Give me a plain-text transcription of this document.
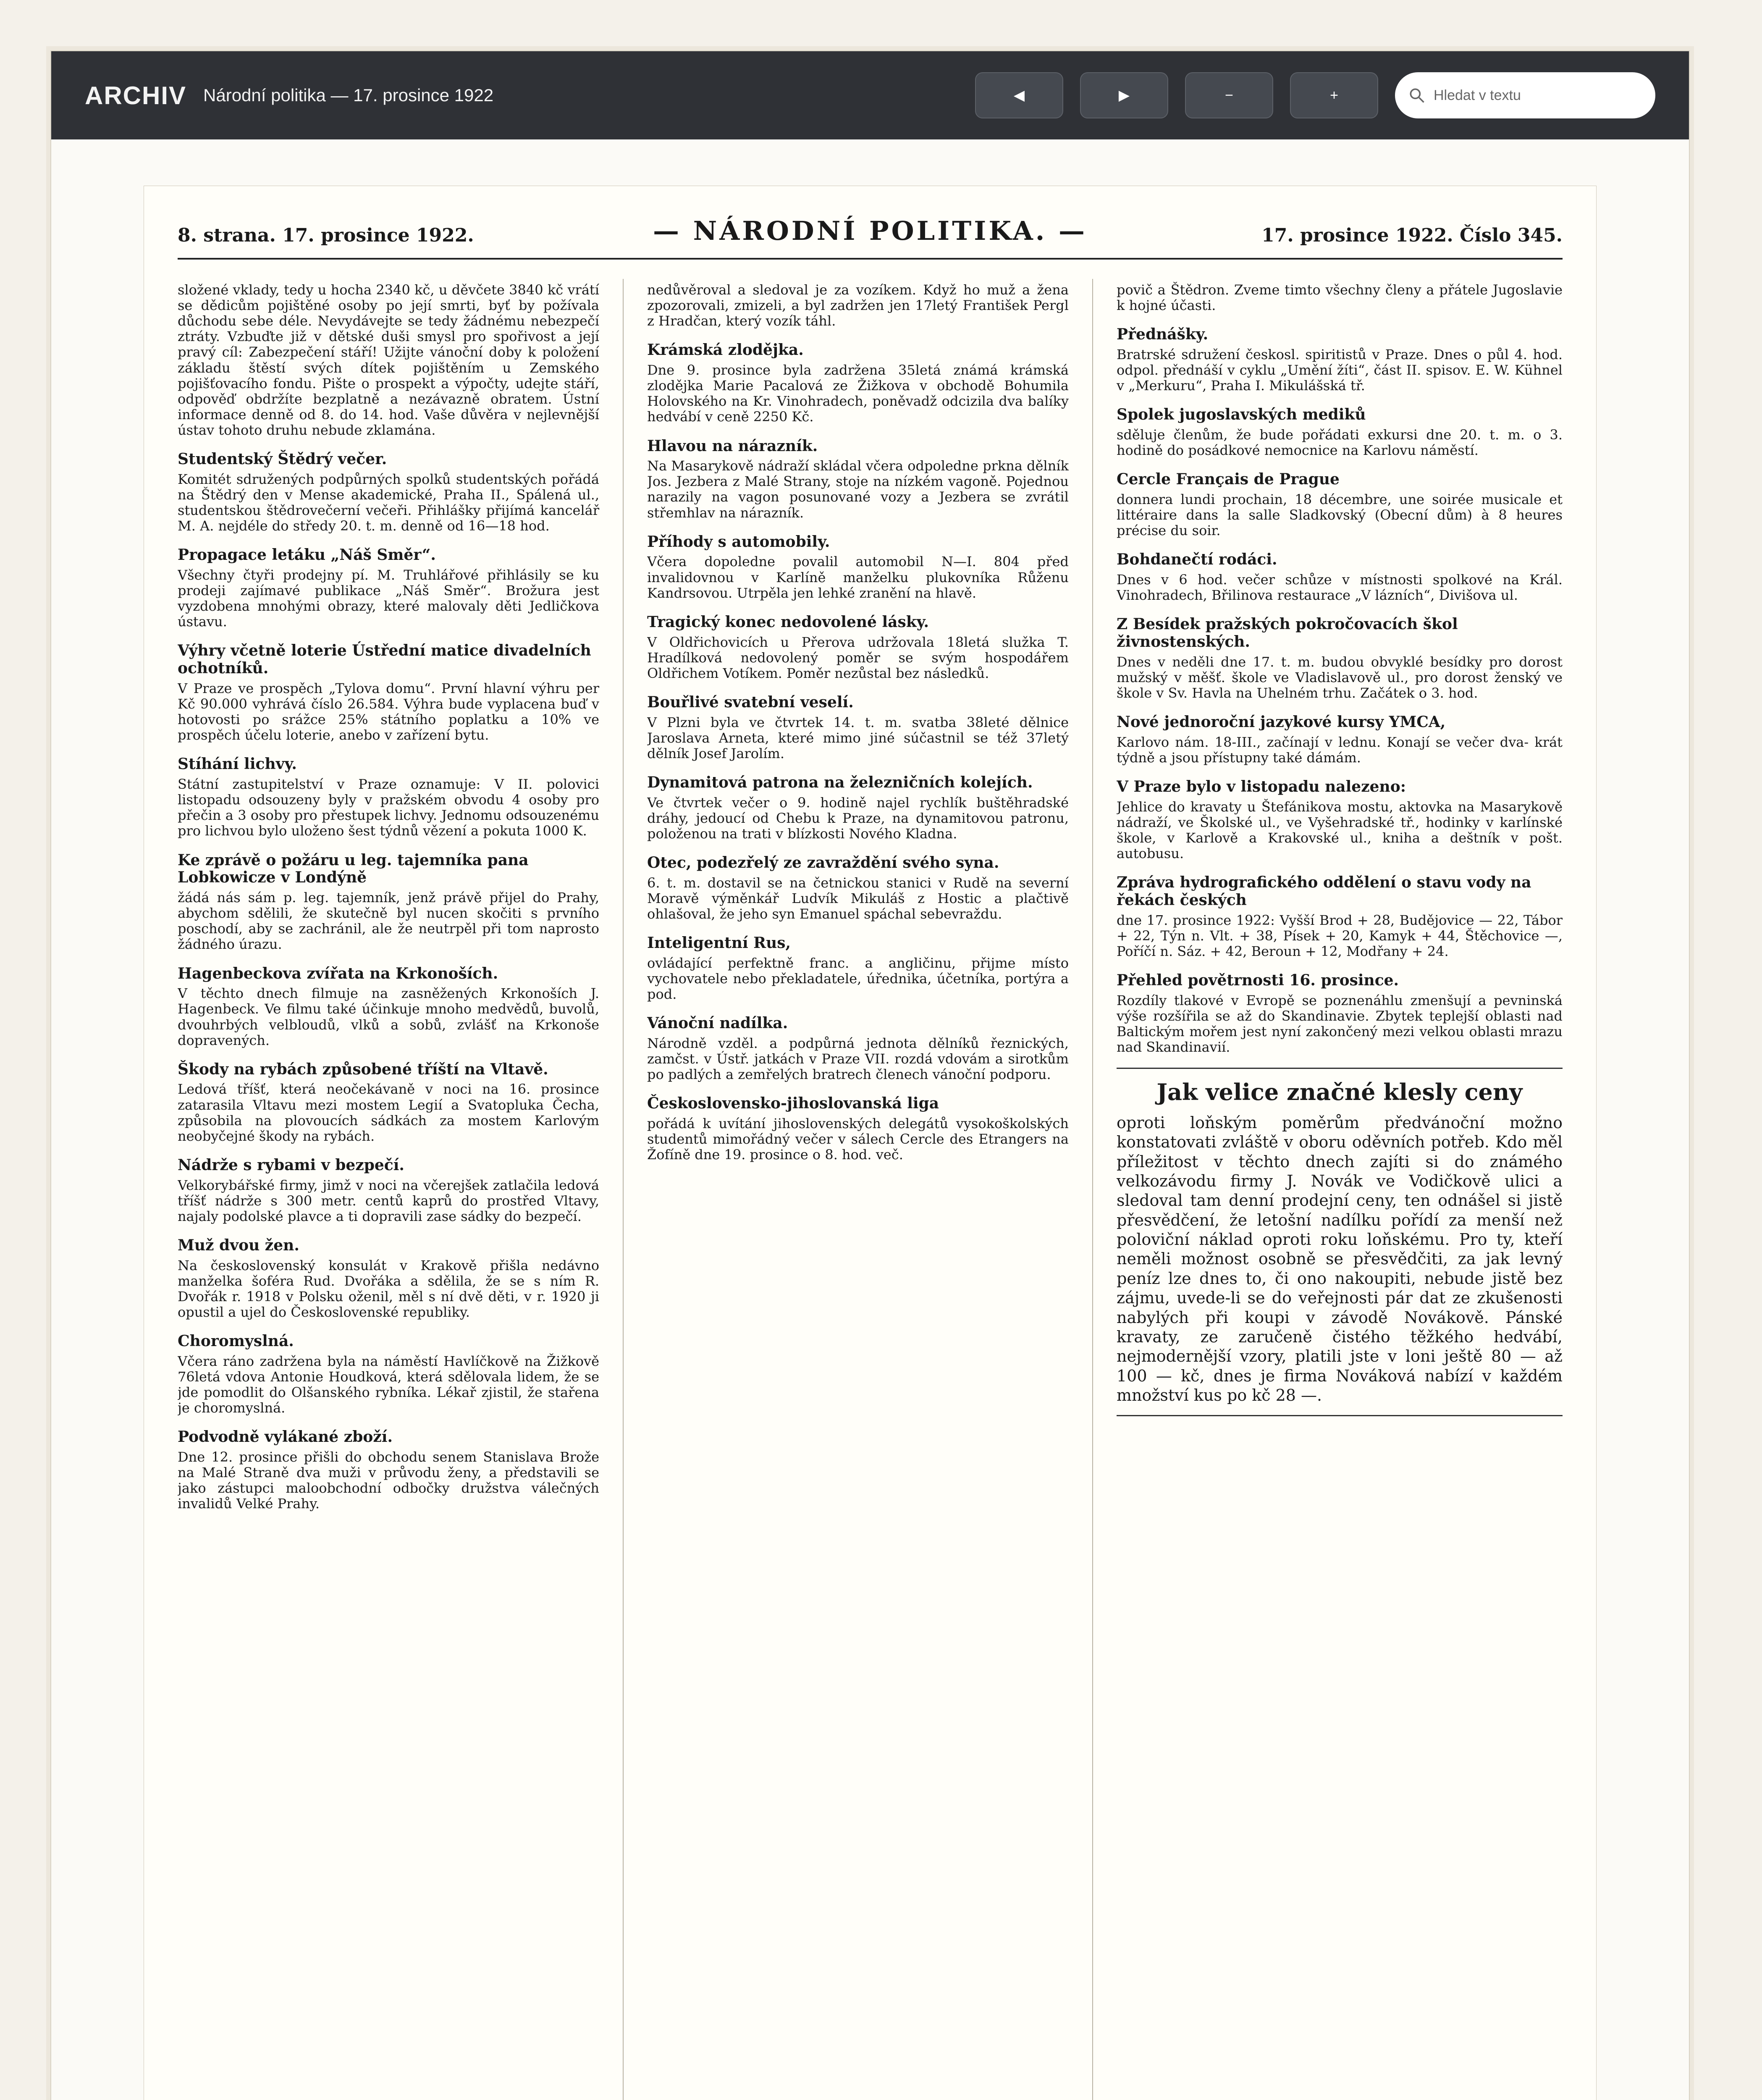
ARCHIV Národní politika — 17. prosince 1922	◀	▶	−	+	Hledat v textu
8. strana. 17. prosince 1922.	— NÁRODNÍ POLITIKA. —	17. prosince 1922. Číslo 345.
složené vklady, tedy u hocha 2340 kč, u děvčete 3840 kč vrátí se dědicům pojištěné osoby po její smrti, byť by požívala důchodu sebe déle. Nevydávejte se tedy žádnému nebezpečí ztráty. Vzbuďte již v dětské duši smysl pro spořivost a její pravý cíl: Zabezpečení stáří! Užijte vánoční doby k položení základu štěstí svých dítek pojištěním u Zemského pojišťovacího fondu. Pište o prospekt a výpočty, udejte stáří, odpověď obdržíte bezplatně a nezávazně obratem. Ústní informace denně od 8. do 14. hod. Vaše důvěra v nejlevnější ústav tohoto druhu nebude zklamána.
Studentský Štědrý večer.
Komitét sdružených podpůrných spolků studentských pořádá na Štědrý den v Mense akademické, Praha II., Spálená ul., studentskou štědrovečerní večeři. Přihlášky přijímá kancelář M. A. nejdéle do středy 20. t. m. denně od 16—18 hod.
Propagace letáku „Náš Směr“.
Všechny čtyři prodejny pí. M. Truhlářové přihlásily se ku prodeji zajímavé publikace „Náš Směr“. Brožura jest vyzdobena mnohými obrazy, které malovaly děti Jedličkova ústavu.
Výhry včetně loterie Ústřední matice divadelních ochotníků.
V Praze ve prospěch „Tylova domu“. První hlavní výhru per Kč 90.000 vyhrává číslo 26.584. Výhra bude vyplacena buď v hotovosti po srážce 25% státního poplatku a 10% ve prospěch účelu loterie, anebo v zařízení bytu.
Stíhání lichvy.
Státní zastupitelství v Praze oznamuje: V II. polovici listopadu odsouzeny byly v pražském obvodu 4 osoby pro přečin a 3 osoby pro přestupek lichvy. Jednomu odsouzenému pro lichvou bylo uloženo šest týdnů vězení a pokuta 1000 K.
Ke zprávě o požáru u leg. tajemníka pana Lobkowicze v Londýně
žádá nás sám p. leg. tajemník, jenž právě přijel do Prahy, abychom sdělili, že skutečně byl nucen skočiti s prvního poschodí, aby se zachránil, ale že neutrpěl při tom naprosto žádného úrazu.
Hagenbeckova zvířata na Krkonoších.
V těchto dnech filmuje na zasněžených Krkonoších J. Hagenbeck. Ve filmu také účinkuje mnoho medvědů, buvolů, dvouhrbých velbloudů, vlků a sobů, zvlášť na Krkonoše dopravených.
Škody na rybách způsobené tříští na Vltavě.
Ledová tříšť, která neočekávaně v noci na 16. prosince zatarasila Vltavu mezi mostem Legií a Svatopluka Čecha, způsobila na plovoucích sádkách za mostem Karlovým neobyčejné škody na rybách.
Nádrže s rybami v bezpečí.
Velkorybářské firmy, jimž v noci na včerejšek zatlačila ledová tříšť nádrže s 300 metr. centů kaprů do prostřed Vltavy, najaly podolské plavce a ti dopravili zase sádky do bezpečí.
Muž dvou žen.
Na československý konsulát v Krakově přišla nedávno manželka šoféra Rud. Dvořáka a sdělila, že se s ním R. Dvořák r. 1918 v Polsku oženil, měl s ní dvě děti, v r. 1920 ji opustil a ujel do Československé republiky.
Choromyslná.
Včera ráno zadržena byla na náměstí Havlíčkově na Žižkově 76letá vdova Antonie Houdková, která sdělovala lidem, že se jde pomodlit do Olšanského rybníka. Lékař zjistil, že stařena je choromyslná.
Podvodně vylákané zboží.
Dne 12. prosince přišli do obchodu senem Stanislava Brože na Malé Straně dva muži v průvodu ženy, a představili se jako zástupci maloobchodní odbočky družstva válečných invalidů Velké Prahy.
nedůvěroval a sledoval je za vozíkem. Když ho muž a žena zpozorovali, zmizeli, a byl zadržen jen 17letý František Pergl z Hradčan, který vozík táhl.
Krámská zlodějka.
Dne 9. prosince byla zadržena 35letá známá krámská zlodějka Marie Pacalová ze Žižkova v obchodě Bohumila Holovského na Kr. Vinohradech, poněvadž odcizila dva balíky hedvábí v ceně 2250 Kč.
Hlavou na nárazník.
Na Masarykově nádraží skládal včera odpoledne prkna dělník Jos. Jezbera z Malé Strany, stoje na nízkém vagoně. Pojednou narazily na vagon posunované vozy a Jezbera se zvrátil střemhlav na nárazník.
Příhody s automobily.
Včera dopoledne povalil automobil N—I. 804 před invalidovnou v Karlíně manželku plukovníka Růženu Kandrsovou. Utrpěla jen lehké zranění na hlavě.
Tragický konec nedovolené lásky.
V Oldřichovicích u Přerova udržovala 18letá služka T. Hradílková nedovolený poměr se svým hospodářem Oldřichem Votíkem. Poměr nezůstal bez následků.
Bouřlivé svatební veselí.
V Plzni byla ve čtvrtek 14. t. m. svatba 38leté dělnice Jaroslava Arneta, které mimo jiné súčastnil se též 37letý dělník Josef Jarolím.
Dynamitová patrona na železničních kolejích.
Ve čtvrtek večer o 9. hodině najel rychlík buštěhradské dráhy, jedoucí od Chebu k Praze, na dynamitovou patronu, položenou na trati v blízkosti Nového Kladna.
Otec, podezřelý ze zavraždění svého syna.
6. t. m. dostavil se na četnickou stanici v Rudě na severní Moravě výměnkář Ludvík Mikuláš z Hostic a plačtivě ohlašoval, že jeho syn Emanuel spáchal sebevraždu.
Inteligentní Rus,
ovládající perfektně franc. a angličinu, přijme místo vychovatele nebo překladatele, úřednika, účetníka, portýra a pod.
Vánoční nadílka.
Národně vzděl. a podpůrná jednota dělníků řeznických, zamčst. v Ústř. jatkách v Praze VII. rozdá vdovám a sirotkům po padlých a zemřelých bratrech členech vánoční podporu.
Československo-jihoslovanská liga
pořádá k uvítání jihoslovenských delegátů vysokoškolských studentů mimořádný večer v sálech Cercle des Etrangers na Žofíně dne 19. prosince o 8. hod. več.
povič a Štědron. Zveme timto všechny členy a přátele Jugoslavie k hojné účasti.
Přednášky.
Bratrské sdružení českosl. spiritistů v Praze. Dnes o půl 4. hod. odpol. přednáší v cyklu „Umění žíti“, část II. spisov. E. W. Kühnel v „Merkuru“, Praha I. Mikulášská tř.
Spolek jugoslavských mediků
sděluje členům, že bude pořádati exkursi dne 20. t. m. o 3. hodině do posádkové nemocnice na Karlovu náměstí.
Cercle Français de Prague
donnera lundi prochain, 18 décembre, une soirée musicale et littéraire dans la salle Sladkovský (Obecní dům) à 8 heures précise du soir.
Bohdanečtí rodáci.
Dnes v 6 hod. večer schůze v místnosti spolkové na Král. Vinohradech, Břilinova restaurace „V lázních“, Divišova ul.
Z Besídek pražských pokročovacích škol živnostenských.
Dnes v neděli dne 17. t. m. budou obvyklé besídky pro dorost mužský v měšť. škole ve Vladislavově ul., pro dorost ženský ve škole v Sv. Havla na Uhelném trhu. Začátek o 3. hod.
Nové jednoroční jazykové kursy YMCA,
Karlovo nám. 18-III., začínají v lednu. Konají se večer dva- krát týdně a jsou přístupny také dámám.
V Praze bylo v listopadu nalezeno:
Jehlice do kravaty u Štefánikova mostu, aktovka na Masarykově nádraží, ve Školské ul., ve Vyšehradské tř., hodinky v karlínské škole, v Karlově a Krakovské ul., kniha a deštník v pošt. autobusu.
Zpráva hydrografického oddělení o stavu vody na řekách českých
dne 17. prosince 1922: Vyšší Brod + 28, Budějovice — 22, Tábor + 22, Týn n. Vlt. + 38, Písek + 20, Kamyk + 44, Štěchovice —, Poříčí n. Sáz. + 42, Beroun + 12, Modřany + 24.
Přehled povětrnosti 16. prosince.
Rozdíly tlakové v Evropě se poznenáhlu zmenšují a pevninská výše rozšířila se až do Skandinavie. Zbytek teplejší oblasti nad Baltickým mořem jest nyní zakončený mezi velkou oblasti mrazu nad Skandinavií.
Jak velice značné klesly ceny
oproti loňským poměrům předvánoční možno konstatovati zvláště v oboru oděvních potřeb. Kdo měl příležitost v těchto dnech zajíti si do známého velkozávodu firmy J. Novák ve Vodičkově ulici a sledoval tam denní prodejní ceny, ten odnášel si jistě přesvědčení, že letošní nadílku pořídí za menší než poloviční náklad oproti roku loňskému. Pro ty, kteří neměli možnost osobně se přesvědčiti, za jak levný peníz lze dnes to, či ono nakoupiti, nebude jistě bez zájmu, uvede-li se do veřejnosti pár dat ze zkušenosti nabylých při koupi v závodě Novákově. Pánské kravaty, ze zaručeně čistého těžkého hedvábí, nejmodernější vzory, platili jste v loni ještě 80 — až 100 — kč, dnes je firma Nováková nabízí v každém množství kus po kč 28 —.
